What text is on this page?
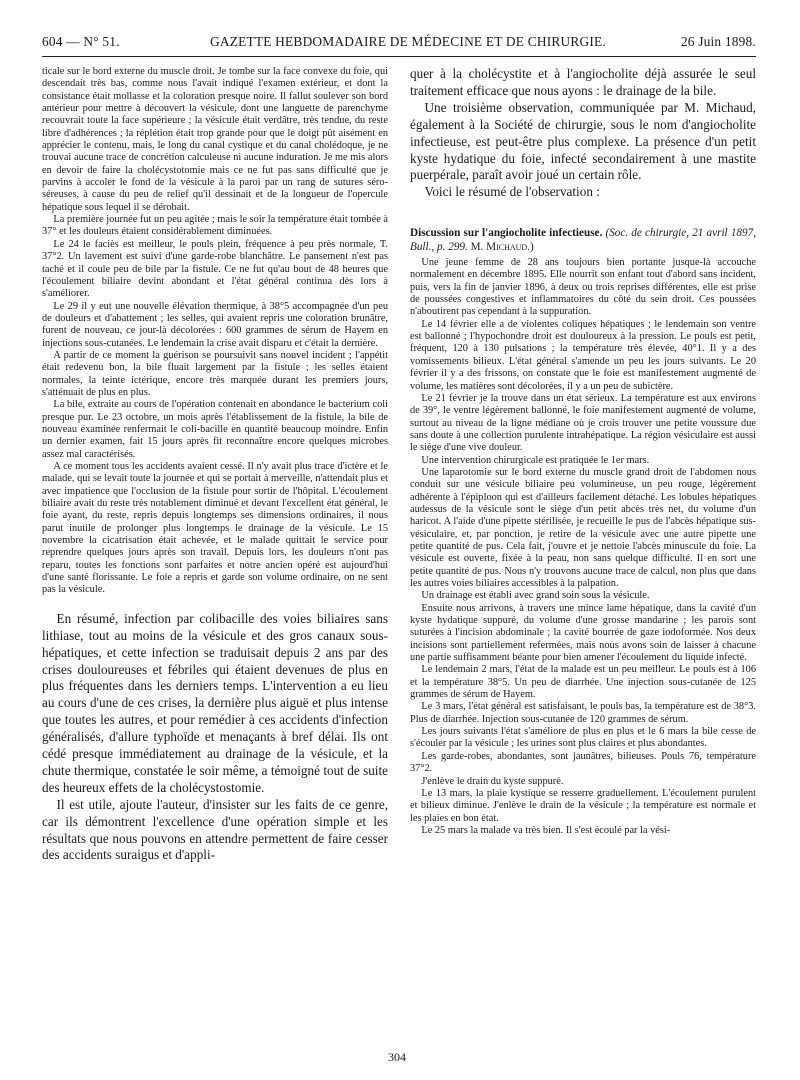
604 — N° 51.	GAZETTE HEBDOMADAIRE DE MÉDECINE ET DE CHIRURGIE.	26 Juin 1898.

ticale sur le bord externe du muscle droit. Je tombe sur la face convexe du foie, qui descendait très bas, comme nous l'avait indiqué l'examen extérieur, et dont la consistance était mollasse et la coloration presque noire. Il fallut soulever son bord antérieur pour mettre à découvert la vésicule, dont une languette de parenchyme recouvrait toute la face supérieure ; la vésicule était verdâtre, très tendue, du reste libre d'adhérences ; la réplétion était trop grande pour que le doigt pût aisément en apprécier le contenu, mais, le long du canal cystique et du canal cholédoque, je ne trouvai aucune trace de concrétion calculeuse ni aucune induration. Je me mis alors en devoir de faire la cholécystotomie mais ce ne fut pas sans difficulté que je parvins à accoler le fond de la vésicule à la paroi par un rang de sutures séro-séreuses, à cause du peu de relief qu'il dessinait et de la longueur de l'opercule hépatique sous lequel il se dérobait.

La première journée fut un peu agitée ; mais le soir la température était tombée à 37° et les douleurs étaient considérablement diminuées.

Le 24 le faciès est meilleur, le pouls plein, fréquence à peu près normale, T. 37°2. Un lavement est suivi d'une garde-robe blanchâtre. Le pansement n'est pas taché et il coule peu de bile par la fistule. Ce ne fut qu'au bout de 48 heures que l'écoulement biliaire devint abondant et l'état général continua dès lors à s'améliorer.

Le 29 il y eut une nouvelle élévation thermique, à 38°5 accompagnée d'un peu de douleurs et d'abattement ; les selles, qui avaient repris une coloration brunâtre, furent de nouveau, ce jour-là décolorées : 600 grammes de sérum de Hayem en injections sous-cutanées. Le lendemain la crise avait disparu et c'était la dernière.

A partir de ce moment la guérison se poursuivit sans nouvel incident ; l'appétit était redevenu bon, la bile fluait largement par la fistule ; les selles étaient normales, la teinte ictérique, encore très marquée durant les premiers jours, s'atténuait de plus en plus.

La bile, extraite au cours de l'opération contenait en abondance le bacterium coli presque pur. Le 23 octobre, un mois après l'établissement de la fistule, la bile de nouveau examinée renfermait le coli-bacille en quantité beaucoup moindre. Enfin un dernier examen, fait 15 jours après fit reconnaître encore quelques microbes assez mal caractérisés.

A ce moment tous les accidents avaient cessé. Il n'y avait plus trace d'ictère et le malade, qui se levait toute la journée et qui se portait à merveille, n'attendait plus et avec impatience que l'occlusion de la fistule pour sortir de l'hôpital. L'écoulement biliaire avait du reste très notablement diminué et devant l'excellent état général, le foie ayant, du reste, repris depuis longtemps ses dimensions ordinaires, il nous parut inutile de prolonger plus longtemps le drainage de la vésicule. Le 15 novembre la cicatrisation était achevée, et le malade quittait le service pour reprendre quelques jours après son travail. Depuis lors, les douleurs n'ont pas reparu, toutes les fonctions sont parfaites et notre ancien opéré est aujourd'hui d'une santé florissante. Le foie a repris et garde son volume ordinaire, on ne sent pas la vésicule.

En résumé, infection par colibacille des voies biliaires sans lithiase, tout au moins de la vésicule et des gros canaux sous-hépatiques, et cette infection se traduisait depuis 2 ans par des crises douloureuses et fébriles qui étaient devenues de plus en plus fréquentes dans les derniers temps. L'intervention a eu lieu au cours d'une de ces crises, la dernière plus aiguë et plus intense que toutes les autres, et pour remédier à ces accidents d'infection généralisés, d'allure typhoïde et menaçants à bref délai. Ils ont cédé presque immédiatement au drainage de la vésicule, et la chute thermique, constatée le soir même, a témoigné tout de suite des heureux effets de la cholécystostomie.

Il est utile, ajoute l'auteur, d'insister sur les faits de ce genre, car ils démontrent l'excellence d'une opération simple et les résultats que nous pouvons en attendre permettent de faire cesser des accidents suraigus et d'appli-

quer à la cholécystite et à l'angiocholite déjà assurée le seul traitement efficace que nous ayons : le drainage de la bile.

Une troisième observation, communiquée par M. Michaud, également à la Société de chirurgie, sous le nom d'angiocholite infectieuse, est peut-être plus complexe. La présence d'un petit kyste hydatique du foie, infecté secondairement à une mastite puerpérale, paraît avoir joué un certain rôle.

Voici le résumé de l'observation :

Discussion sur l'angiocholite infectieuse. (Soc. de chirurgie, 21 avril 1897, Bull., p. 299. M. Michaud.)

Une jeune femme de 28 ans toujours bien portante jusque-là accouche normalement en décembre 1895. Elle nourrit son enfant tout d'abord sans incident, puis, vers la fin de janvier 1896, à deux ou trois reprises différentes, elle est prise de poussées congestives et inflammatoires du côté du sein droit. Ces poussées n'aboutirent pas cependant à la suppuration.

Le 14 février elle a de violentes coliques hépatiques ; le lendemain son ventre est ballonné ; l'hypochondre droit est douloureux à la pression. Le pouls est petit, fréquent, 120 à 130 pulsations ; la température très élevée, 40°1. Il y a des vomissements bilieux. L'état général s'amende un peu les jours suivants. Le 20 février il y a des frissons, on constate que le foie est manifestement augmenté de volume, les matières sont décolorées, il y a un peu de subictère.

Le 21 février je la trouve dans un état sérieux. La température est aux environs de 39°, le ventre légèrement ballonné, le foie manifestement augmenté de volume, surtout au niveau de la ligne médiane où je crois trouver une petite voussure due sans doute à une collection purulente intrahépatique. La région vésiculaire est aussi le siège d'une vive douleur.

Une intervention chirurgicale est pratiquée le 1er mars.

Une laparotomie sur le bord externe du muscle grand droit de l'abdomen nous conduit sur une vésicule biliaire peu volumineuse, un peu rouge, légèrement adhérente à l'épiploon qui est d'ailleurs facilement détaché. Les lobules hépatiques audessus de la vésicule sont le siège d'un petit abcès très net, du volume d'un haricot. A l'aide d'une pipette stérilisée, je recueille le pus de l'abcès hépatique sus-vésiculaire, et, par ponction, je retire de la vésicule avec une autre pipette une petite quantité de pus. Cela fait, j'ouvre et je nettoie l'abcès minuscule du foie. La vésicule est ouverte, fixée à la peau, non sans quelque difficulté. Il en sort une petite quantité de pus. Nous n'y trouvons aucune trace de calcul, non plus que dans les autres voies biliaires accessibles à la palpation.

Un drainage est établi avec grand soin sous la vésicule.

Ensuite nous arrivons, à travers une mince lame hépatique, dans la cavité d'un kyste hydatique suppuré, du volume d'une grosse mandarine ; les parois sont suturées à l'incision abdominale ; la cavité bourrée de gaze iodoformée. Nos deux incisions sont partiellement refermées, mais nous avons soin de laisser à chacune une partie suffisamment béante pour bien amener l'écoulement du liquide infecté.

Le lendemain 2 mars, l'état de la malade est un peu meilleur. Le pouls est à 106 et la température 38°5. Un peu de diarrhée. Une injection sous-cutanée de 125 grammes de sérum de Hayem.

Le 3 mars, l'état général est satisfaisant, le pouls bas, la température est de 38°3. Plus de diarrhée. Injection sous-cutanée de 120 grammes de sérum.

Les jours suivants l'état s'améliore de plus en plus et le 6 mars la bile cesse de s'écouler par la vésicule ; les urines sont plus claires et plus abondantes.

Les garde-robes, abondantes, sont jaunâtres, bilieuses. Pouls 76, température 37°2.

J'enlève le drain du kyste suppuré.

Le 13 mars, la plaie kystique se resserre graduellement. L'écoulement purulent et bilieux diminue. J'enlève le drain de la vésicule ; la température est normale et les plaies en bon état.

Le 25 mars la malade va très bien. Il s'est écoulé par la vési-

304
